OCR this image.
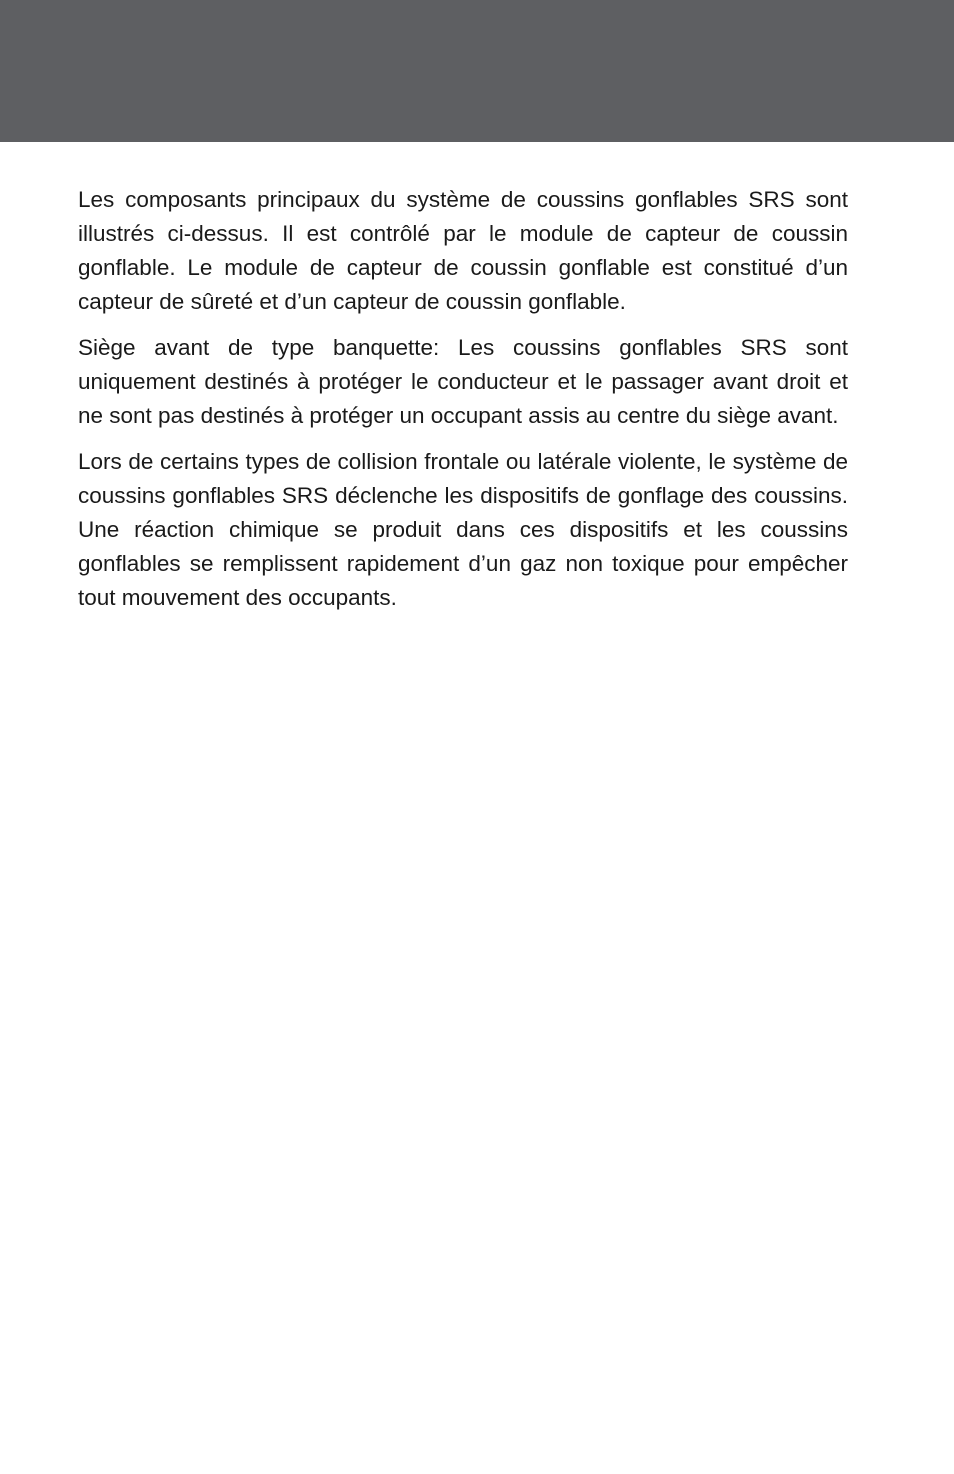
Les composants principaux du système de coussins gonflables SRS sont illustrés ci-dessus. Il est contrôlé par le module de capteur de coussin gonflable. Le module de capteur de coussin gonflable est constitué d’un capteur de sûreté et d’un capteur de coussin gonflable.

Siège avant de type banquette: Les coussins gonflables SRS sont uniquement destinés à protéger le conducteur et le passager avant droit et ne sont pas destinés à protéger un occupant assis au centre du siège avant.

Lors de certains types de collision frontale ou latérale violente, le système de coussins gonflables SRS déclenche les dispositifs de gonflage des coussins. Une réaction chimique se produit dans ces dispositifs et les coussins gonflables se remplissent rapidement d’un gaz non toxique pour empêcher tout mouvement des occupants.
